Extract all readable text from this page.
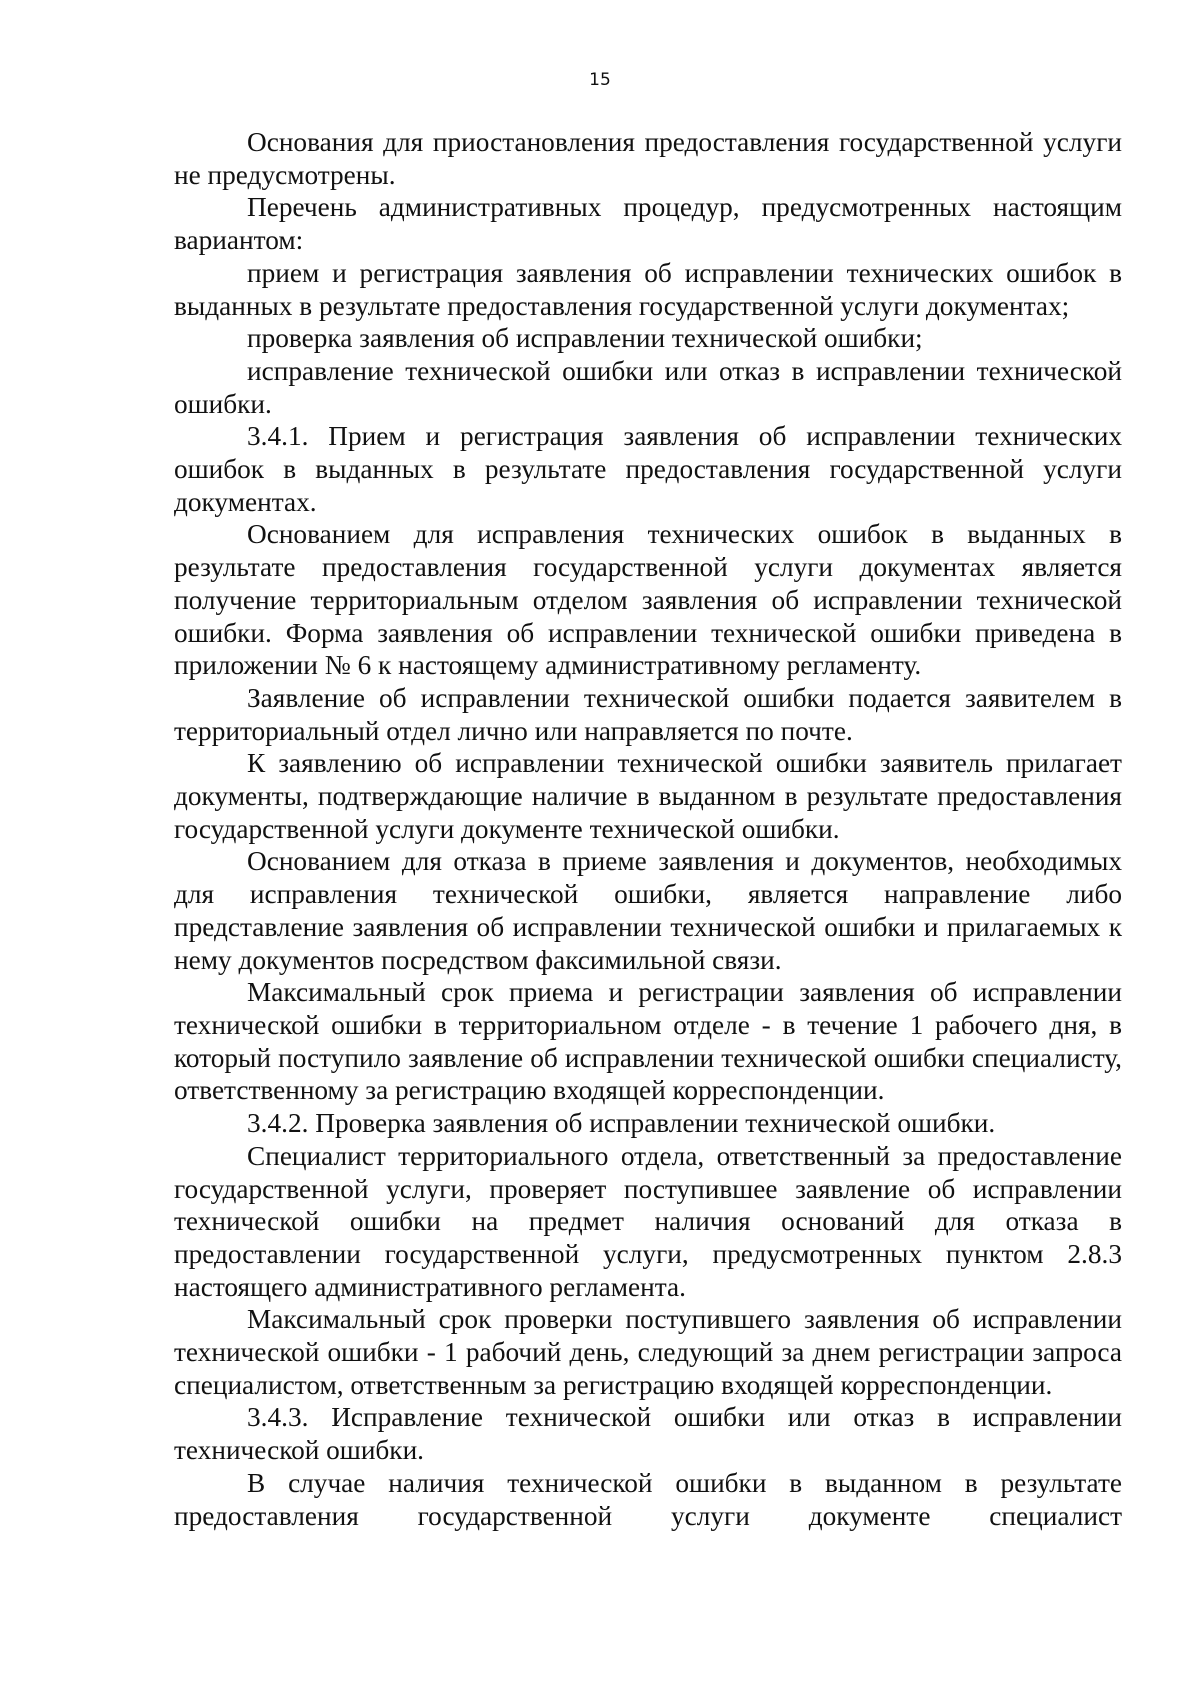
15

Основания для приостановления предоставления государственной услуги не предусмотрены.

Перечень административных процедур, предусмотренных настоящим вариантом:

прием и регистрация заявления об исправлении технических ошибок в выданных в результате предоставления государственной услуги документах;

проверка заявления об исправлении технической ошибки;

исправление технической ошибки или отказ в исправлении технической ошибки.

3.4.1. Прием и регистрация заявления об исправлении технических ошибок в выданных в результате предоставления государственной услуги документах.

Основанием для исправления технических ошибок в выданных в результате предоставления государственной услуги документах является получение территориальным отделом заявления об исправлении технической ошибки. Форма заявления об исправлении технической ошибки приведена в приложении № 6 к настоящему административному регламенту.

Заявление об исправлении технической ошибки подается заявителем в территориальный отдел лично или направляется по почте.

К заявлению об исправлении технической ошибки заявитель прилагает документы, подтверждающие наличие в выданном в результате предоставления государственной услуги документе технической ошибки.

Основанием для отказа в приеме заявления и документов, необходимых для исправления технической ошибки, является направление либо представление заявления об исправлении технической ошибки и прилагаемых к нему документов посредством факсимильной связи.

Максимальный срок приема и регистрации заявления об исправлении технической ошибки в территориальном отделе - в течение 1 рабочего дня, в который поступило заявление об исправлении технической ошибки специалисту, ответственному за регистрацию входящей корреспонденции.

3.4.2. Проверка заявления об исправлении технической ошибки.

Специалист территориального отдела, ответственный за предоставление государственной услуги, проверяет поступившее заявление об исправлении технической ошибки на предмет наличия оснований для отказа в предоставлении государственной услуги, предусмотренных пунктом 2.8.3 настоящего административного регламента.

Максимальный срок проверки поступившего заявления об исправлении технической ошибки - 1 рабочий день, следующий за днем регистрации запроса специалистом, ответственным за регистрацию входящей корреспонденции.

3.4.3. Исправление технической ошибки или отказ в исправлении технической ошибки.

В случае наличия технической ошибки в выданном в результате предоставления государственной услуги документе специалист
